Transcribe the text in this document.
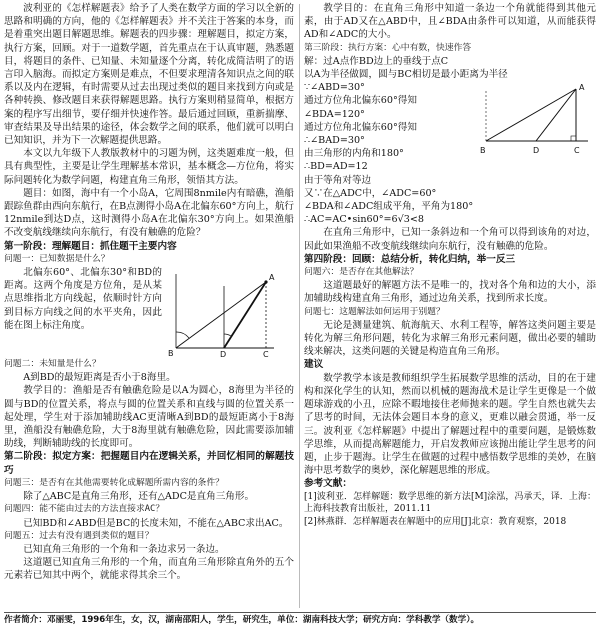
波利亚的《怎样解题表》给予了人类在数学方面的学习以全新的思路和明确的方向，他的《怎样解题表》并不关注于答案的本身，而是着重突出题目解题思维。解题表的四步骤：理解题目，拟定方案，执行方案，回顾。对于一道数学题，首先重点在于认真审题，熟悉题目，将题目的条件、已知量、未知量逐个分离，转化成简洁明了的语言印入脑海。而拟定方案则是难点，不但要求理清各知识点之间的联系以及内在逻辑，有时需要从过去出现过类似的题目来找到方向或是各种转换、修改题目来获得解题思路。执行方案则稍显简单，根据方案的程序写出细节，要仔细并快速作答。最后通过回顾，重新揣摩、审查结果及导出结果的途径，体会数学之间的联系，他们就可以明白已知知识，并为下一次解题提供思路。

本文以九年级下人教版教材中的习题为例，这类题难度一般，但具有典型性，主要是让学生理解基本常识，基本概念—方位角，将实际问题转化为数学问题，构建直角三角形，领悟其方法。

题目：如图，海中有一个小岛A，它周围8nmile内有暗礁，渔船跟踪鱼群由西向东航行，在B点测得小岛A在北偏东60°方向上，航行12nmile到达D点，这时测得小岛A在北偏东30°方向上。如果渔船不改变航线继续向东航行，有没有触礁的危险？

第一阶段：理解题目：抓住题干主要内容

问题一：已知数据是什么？

北偏东60°、北偏东30°和BD的距离。这两个角度是方位角，是从某点思维指北方向线起，依顺时针方向到目标方向线之间的水平夹角，因此能在图上标注角度。

A
B	D	C

问题二：未知量是什么？

A到BD的最短距离是否小于8海里。

教学目的：渔船是否有触礁危险是以A为圆心，8海里为半径的圆与BD的位置关系，将点与圆的位置关系和直线与圆的位置关系一起处理，学生对于添加辅助线AC更清晰A到BD的最短距离小于8海里，渔船没有触礁危险，大于8海里就有触礁危险，因此需要添加辅助线，判断辅助线的长度即可。

第二阶段：拟定方案：把握题目内在逻辑关系，并回忆相同的解题技巧

问题三：是否有在其他需要转化成解题所需内容的条件？

除了△ABC是直角三角形，还有△ADC是直角三角形。

问题四：能不能由过去的方法直接求AC？

已知BD和∠ABD但是BC的长度未知，不能在△ABC求出AC。

问题五：过去有没有遇到类似的题目？

已知直角三角形的一个角和一条边求另一条边。

这道题已知直角三角形的一个角，而直角三角形除直角外的五个元素若已知其中两个，就能求得其余三个。

教学目的：在直角三角形中知道一条边一个角就能得到其他元素，由于AD又在△ABD中，且∠BDA由条件可以知道，从而能获得AD和∠ADC的大小。

第三阶段：执行方案：心中有数，快速作答

解：过A点作BD边上的垂线于点C

以A为半径做圆，圆与BC相切是最小距离为半径

∵∠ABD=30°

通过方位角北偏东60°得知

∠BDA=120°

通过方位角北偏东60°得知

∴∠BAD=30°

由三角形的内角和180°

∴BD=AD=12

由于等角对等边

A
B	D	C

又∵在△ADC中，∠ADC=60°

∠BDA和∠ADC组成平角，平角为180°

∴AC=AC•sin60°=6√3<8

在直角三角形中，已知一条斜边和一个角可以得到该角的对边，因此如果渔船不改变航线继续向东航行，没有触礁的危险。

第四阶段：回顾：总结分析，转化归纳，举一反三

问题六：是否存在其他解法？

这道题最好的解题方法不是唯一的，找对各个角和边的大小，添加辅助线构建直角三角形，通过边角关系，找到所求长度。

问题七：这题解法如何运用于别题？

无论是测量建筑、航海航天、水利工程等，解答这类问题主要是转化为解三角形问题，转化为求解三角形元素问题，做出必要的辅助线来解决，这类问题的关键是构造直角三角形。

建议

数学教学本该是教师组织学生拓展数学思维的活动，目的在于建构和深化学生的认知，然而以机械的题海战术是让学生更像是一个做题球游戏的小丑，应除不暇地接住老师抛来的题。学生自然也就失去了思考的时间，无法体会题目本身的意义，更难以融会贯通，举一反三。波利亚《怎样解题》中提出了解题过程中的重要问题，是锻炼数学思维，从而提高解题能力，开启发教师应该抛出能让学生思考的问题，止步于题海。让学生在做题的过程中感悟数学思维的美妙，在脑海中思考数学的奥妙，深化解题思维的形成。

参考文献：

[1]波利亚．怎样解题：数学思维的新方法[M]涂泓，冯承天，译．上海：上海科技教育出版社，2011.11

[2]林燕群．怎样解题表在解题中的应用[J]北京：教育观察，2018

作者简介：邓丽雯，1996年生，女，汉，湖南邵阳人，学生，研究生，单位：湖南科技大学；研究方向：学科教学（数学）。
